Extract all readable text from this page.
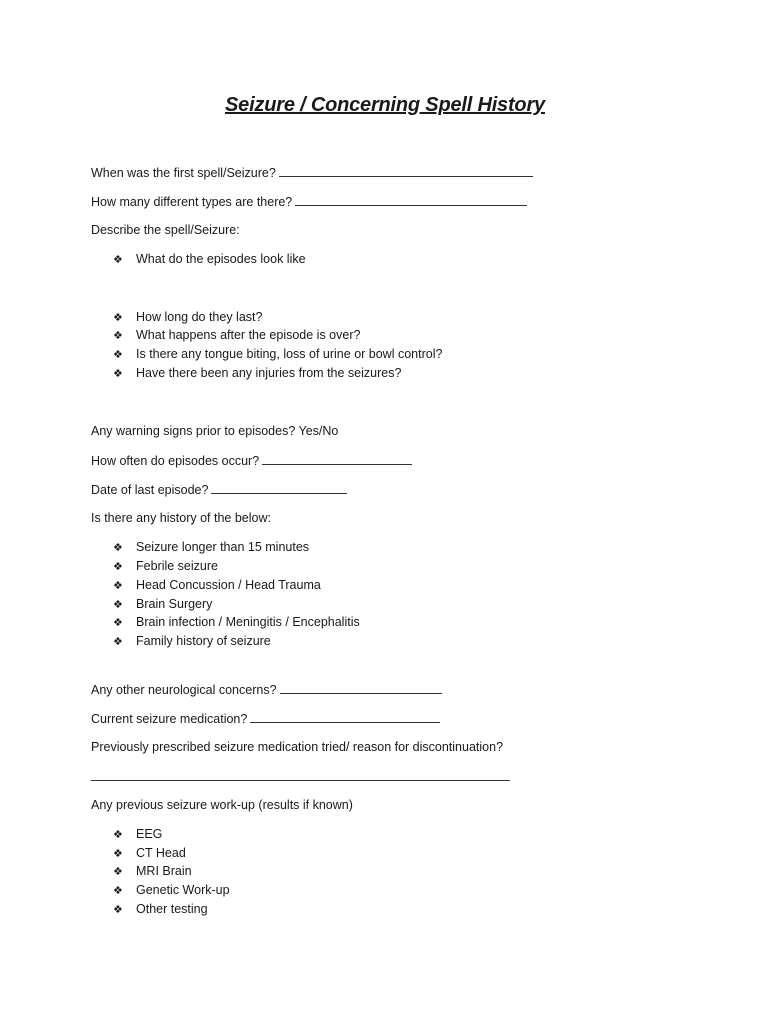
Seizure / Concerning Spell History
When was the first spell/Seizure?
How many different types are there?
Describe the spell/Seizure:
❖ What do the episodes look like
❖ How long do they last?
❖ What happens after the episode is over?
❖ Is there any tongue biting, loss of urine or bowl control?
❖ Have there been any injuries from the seizures?
Any warning signs prior to episodes? Yes/No
How often do episodes occur?
Date of last episode?
Is there any history of the below:
❖ Seizure longer than 15 minutes
❖ Febrile seizure
❖ Head Concussion / Head Trauma
❖ Brain Surgery
❖ Brain infection / Meningitis / Encephalitis
❖ Family history of seizure
Any other neurological concerns?
Current seizure medication?
Previously prescribed seizure medication tried/ reason for discontinuation?
Any previous seizure work-up (results if known)
❖ EEG
❖ CT Head
❖ MRI Brain
❖ Genetic Work-up
❖ Other testing
